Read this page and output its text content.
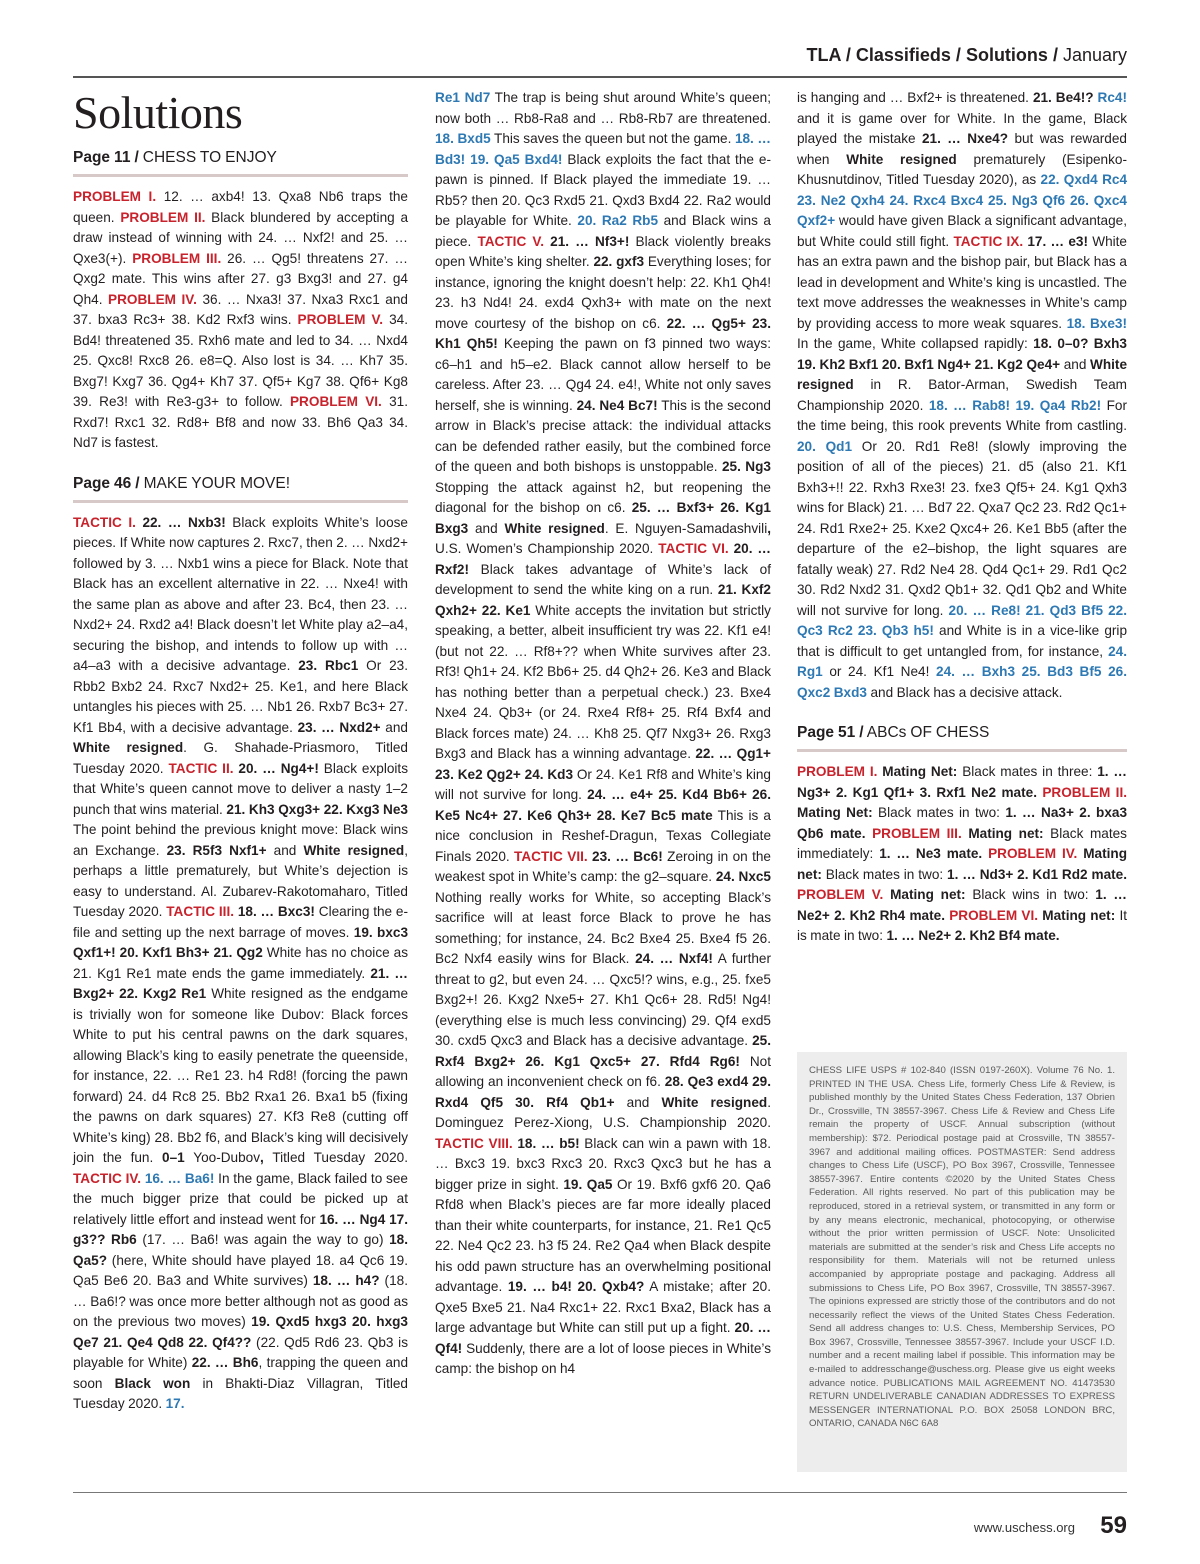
TLA / Classifieds / Solutions / January
Solutions
Page 11 / CHESS TO ENJOY

PROBLEM I. 12. … axb4! 13. Qxa8 Nb6 traps the queen. PROBLEM II. Black blundered by accepting a draw instead of winning with 24. … Nxf2! and 25. … Qxe3(+). PROBLEM III. 26. … Qg5! threatens 27. … Qxg2 mate. This wins after 27. g3 Bxg3! and 27. g4 Qh4. PROBLEM IV. 36. … Nxa3! 37. Nxa3 Rxc1 and 37. bxa3 Rc3+ 38. Kd2 Rxf3 wins. PROBLEM V. 34. Bd4! threatened 35. Rxh6 mate and led to 34. … Nxd4 25. Qxc8! Rxc8 26. e8=Q. Also lost is 34. … Kh7 35. Bxg7! Kxg7 36. Qg4+ Kh7 37. Qf5+ Kg7 38. Qf6+ Kg8 39. Re3! with Re3-g3+ to follow. PROBLEM VI. 31. Rxd7! Rxc1 32. Rd8+ Bf8 and now 33. Bh6 Qa3 34. Nd7 is fastest.

Page 46 / MAKE YOUR MOVE!

TACTIC I. 22. … Nxb3! Black exploits White’s loose pieces. If White now captures 2. Rxc7, then 2. … Nxd2+ followed by 3. … Nxb1 wins a piece for Black. Note that Black has an excellent alternative in 22. … Nxe4! with the same plan as above and after 23. Bc4, then 23. … Nxd2+ 24. Rxd2 a4! Black doesn’t let White play a2–a4, securing the bishop, and intends to follow up with … a4–a3 with a decisive advantage. 23. Rbc1 Or 23. Rbb2 Bxb2 24. Rxc7 Nxd2+ 25. Ke1, and here Black untangles his pieces with 25. … Nb1 26. Rxb7 Bc3+ 27. Kf1 Bb4, with a decisive advantage. 23. … Nxd2+ and White resigned. G. Shahade-Priasmoro, Titled Tuesday 2020. TACTIC II. 20. … Ng4+! Black exploits that White’s queen cannot move to deliver a nasty 1–2 punch that wins material. 21. Kh3 Qxg3+ 22. Kxg3 Ne3 The point behind the previous knight move: Black wins an Exchange. 23. R5f3 Nxf1+ and White resigned, perhaps a little prematurely, but White’s dejection is easy to understand. Al. Zubarev-Rakotomaharo, Titled Tuesday 2020. TACTIC III. 18. … Bxc3! Clearing the e-file and setting up the next barrage of moves. 19. bxc3 Qxf1+! 20. Kxf1 Bh3+ 21. Qg2 White has no choice as 21. Kg1 Re1 mate ends the game immediately. 21. … Bxg2+ 22. Kxg2 Re1 White resigned as the endgame is trivially won for someone like Dubov: Black forces White to put his central pawns on the dark squares, allowing Black’s king to easily penetrate the queenside, for instance, 22. … Re1 23. h4 Rd8! (forcing the pawn forward) 24. d4 Rc8 25. Bb2 Rxa1 26. Bxa1 b5 (fixing the pawns on dark squares) 27. Kf3 Re8 (cutting off White’s king) 28. Bb2 f6, and Black’s king will decisively join the fun. 0–1 Yoo-Dubov, Titled Tuesday 2020. TACTIC IV. 16. … Ba6! In the game, Black failed to see the much bigger prize that could be picked up at relatively little effort and instead went for 16. … Ng4 17. g3?? Rb6 (17. … Ba6! was again the way to go) 18. Qa5? (here, White should have played 18. a4 Qc6 19. Qa5 Be6 20. Ba3 and White survives) 18. … h4? (18. … Ba6!? was once more better although not as good as on the previous two moves) 19. Qxd5 hxg3 20. hxg3 Qe7 21. Qe4 Qd8 22. Qf4?? (22. Qd5 Rd6 23. Qb3 is playable for White) 22. … Bh6, trapping the queen and soon Black won in Bhakti-Diaz Villagran, Titled Tuesday 2020. 17.

Re1 Nd7 The trap is being shut around White’s queen; now both … Rb8-Ra8 and … Rb8-Rb7 are threatened. 18. Bxd5 This saves the queen but not the game. 18. … Bd3! 19. Qa5 Bxd4! Black exploits the fact that the e-pawn is pinned. If Black played the immediate 19. … Rb5? then 20. Qc3 Rxd5 21. Qxd3 Bxd4 22. Ra2 would be playable for White. 20. Ra2 Rb5 and Black wins a piece. TACTIC V. 21. … Nf3+! Black violently breaks open White’s king shelter. 22. gxf3 Everything loses; for instance, ignoring the knight doesn’t help: 22. Kh1 Qh4! 23. h3 Nd4! 24. exd4 Qxh3+ with mate on the next move courtesy of the bishop on c6. 22. … Qg5+ 23. Kh1 Qh5! Keeping the pawn on f3 pinned two ways: c6–h1 and h5–e2. Black cannot allow herself to be careless. After 23. … Qg4 24. e4!, White not only saves herself, she is winning. 24. Ne4 Bc7! This is the second arrow in Black’s precise attack: the individual attacks can be defended rather easily, but the combined force of the queen and both bishops is unstoppable. 25. Ng3 Stopping the attack against h2, but reopening the diagonal for the bishop on c6. 25. … Bxf3+ 26. Kg1 Bxg3 and White resigned. E. Nguyen-Samadashvili, U.S. Women’s Championship 2020. TACTIC VI. 20. … Rxf2! Black takes advantage of White’s lack of development to send the white king on a run. 21. Kxf2 Qxh2+ 22. Ke1 White accepts the invitation but strictly speaking, a better, albeit insufficient try was 22. Kf1 e4! (but not 22. … Rf8+?? when White survives after 23. Rf3! Qh1+ 24. Kf2 Bb6+ 25. d4 Qh2+ 26. Ke3 and Black has nothing better than a perpetual check.) 23. Bxe4 Nxe4 24. Qb3+ (or 24. Rxe4 Rf8+ 25. Rf4 Bxf4 and Black forces mate) 24. … Kh8 25. Qf7 Nxg3+ 26. Rxg3 Bxg3 and Black has a winning advantage. 22. … Qg1+ 23. Ke2 Qg2+ 24. Kd3 Or 24. Ke1 Rf8 and White’s king will not survive for long. 24. … e4+ 25. Kd4 Bb6+ 26. Ke5 Nc4+ 27. Ke6 Qh3+ 28. Ke7 Bc5 mate This is a nice conclusion in Reshef-Dragun, Texas Collegiate Finals 2020. TACTIC VII. 23. … Bc6! Zeroing in on the weakest spot in White’s camp: the g2–square. 24. Nxc5 Nothing really works for White, so accepting Black’s sacrifice will at least force Black to prove he has something; for instance, 24. Bc2 Bxe4 25. Bxe4 f5 26. Bc2 Nxf4 easily wins for Black. 24. … Nxf4! A further threat to g2, but even 24. … Qxc5!? wins, e.g., 25. fxe5 Bxg2+! 26. Kxg2 Nxe5+ 27. Kh1 Qc6+ 28. Rd5! Ng4! (everything else is much less convincing) 29. Qf4 exd5 30. cxd5 Qxc3 and Black has a decisive advantage. 25. Rxf4 Bxg2+ 26. Kg1 Qxc5+ 27. Rfd4 Rg6! Not allowing an inconvenient check on f6. 28. Qe3 exd4 29. Rxd4 Qf5 30. Rf4 Qb1+ and White resigned. Dominguez Perez-Xiong, U.S. Championship 2020. TACTIC VIII. 18. … b5! Black can win a pawn with 18. … Bxc3 19. bxc3 Rxc3 20. Rxc3 Qxc3 but he has a bigger prize in sight. 19. Qa5 Or 19. Bxf6 gxf6 20. Qa6 Rfd8 when Black’s pieces are far more ideally placed than their white counterparts, for instance, 21. Re1 Qc5 22. Ne4 Qc2 23. h3 f5 24. Re2 Qa4 when Black despite his odd pawn structure has an overwhelming positional advantage. 19. … b4! 20. Qxb4? A mistake; after 20. Qxe5 Bxe5 21. Na4 Rxc1+ 22. Rxc1 Bxa2, Black has a large advantage but White can still put up a fight. 20. … Qf4! Suddenly, there are a lot of loose pieces in White’s camp: the bishop on h4

is hanging and … Bxf2+ is threatened. 21. Be4!? Rc4! and it is game over for White. In the game, Black played the mistake 21. … Nxe4? but was rewarded when White resigned prematurely (Esipenko-Khusnutdinov, Titled Tuesday 2020), as 22. Qxd4 Rc4 23. Ne2 Qxh4 24. Rxc4 Bxc4 25. Ng3 Qf6 26. Qxc4 Qxf2+ would have given Black a significant advantage, but White could still fight. TACTIC IX. 17. … e3! White has an extra pawn and the bishop pair, but Black has a lead in development and White’s king is uncastled. The text move addresses the weaknesses in White’s camp by providing access to more weak squares. 18. Bxe3! In the game, White collapsed rapidly: 18. 0–0? Bxh3 19. Kh2 Bxf1 20. Bxf1 Ng4+ 21. Kg2 Qe4+ and White resigned in R. Bator-Arman, Swedish Team Championship 2020. 18. … Rab8! 19. Qa4 Rb2! For the time being, this rook prevents White from castling. 20. Qd1 Or 20. Rd1 Re8! (slowly improving the position of all of the pieces) 21. d5 (also 21. Kf1 Bxh3+!! 22. Rxh3 Rxe3! 23. fxe3 Qf5+ 24. Kg1 Qxh3 wins for Black) 21. … Bd7 22. Qxa7 Qc2 23. Rd2 Qc1+ 24. Rd1 Rxe2+ 25. Kxe2 Qxc4+ 26. Ke1 Bb5 (after the departure of the e2–bishop, the light squares are fatally weak) 27. Rd2 Ne4 28. Qd4 Qc1+ 29. Rd1 Qc2 30. Rd2 Nxd2 31. Qxd2 Qb1+ 32. Qd1 Qb2 and White will not survive for long. 20. … Re8! 21. Qd3 Bf5 22. Qc3 Rc2 23. Qb3 h5! and White is in a vice-like grip that is difficult to get untangled from, for instance, 24. Rg1 or 24. Kf1 Ne4! 24. … Bxh3 25. Bd3 Bf5 26. Qxc2 Bxd3 and Black has a decisive attack.

Page 51 / ABCs OF CHESS

PROBLEM I. Mating Net: Black mates in three: 1. … Ng3+ 2. Kg1 Qf1+ 3. Rxf1 Ne2 mate. PROBLEM II. Mating Net: Black mates in two: 1. … Na3+ 2. bxa3 Qb6 mate. PROBLEM III. Mating net: Black mates immediately: 1. … Ne3 mate. PROBLEM IV. Mating net: Black mates in two: 1. … Nd3+ 2. Kd1 Rd2 mate. PROBLEM V. Mating net: Black wins in two: 1. … Ne2+ 2. Kh2 Rh4 mate. PROBLEM VI. Mating net: It is mate in two: 1. … Ne2+ 2. Kh2 Bf4 mate.

CHESS LIFE USPS # 102-840 (ISSN 0197-260X). Volume 76 No. 1. PRINTED IN THE USA. Chess Life, formerly Chess Life & Review, is published monthly by the United States Chess Federation, 137 Obrien Dr., Crossville, TN 38557-3967. Chess Life & Review and Chess Life remain the property of USCF. Annual subscription (without membership): $72. Periodical postage paid at Crossville, TN 38557-3967 and additional mailing offices. POSTMASTER: Send address changes to Chess Life (USCF), PO Box 3967, Crossville, Tennessee 38557-3967. Entire contents ©2020 by the United States Chess Federation. All rights reserved. No part of this publication may be reproduced, stored in a retrieval system, or transmitted in any form or by any means electronic, mechanical, photocopying, or otherwise without the prior written permission of USCF. Note: Unsolicited materials are submitted at the sender’s risk and Chess Life accepts no responsibility for them. Materials will not be returned unless accompanied by appropriate postage and packaging. Address all submissions to Chess Life, PO Box 3967, Crossville, TN 38557-3967. The opinions expressed are strictly those of the contributors and do not necessarily reflect the views of the United States Chess Federation. Send all address changes to: U.S. Chess, Membership Services, PO Box 3967, Crossville, Tennessee 38557-3967. Include your USCF I.D. number and a recent mailing label if possible. This information may be e-mailed to addresschange@uschess.org. Please give us eight weeks advance notice. PUBLICATIONS MAIL AGREEMENT NO. 41473530 RETURN UNDELIVERABLE CANADIAN ADDRESSES TO EXPRESS MESSENGER INTERNATIONAL P.O. BOX 25058 LONDON BRC, ONTARIO, CANADA N6C 6A8
www.uschess.org 59
